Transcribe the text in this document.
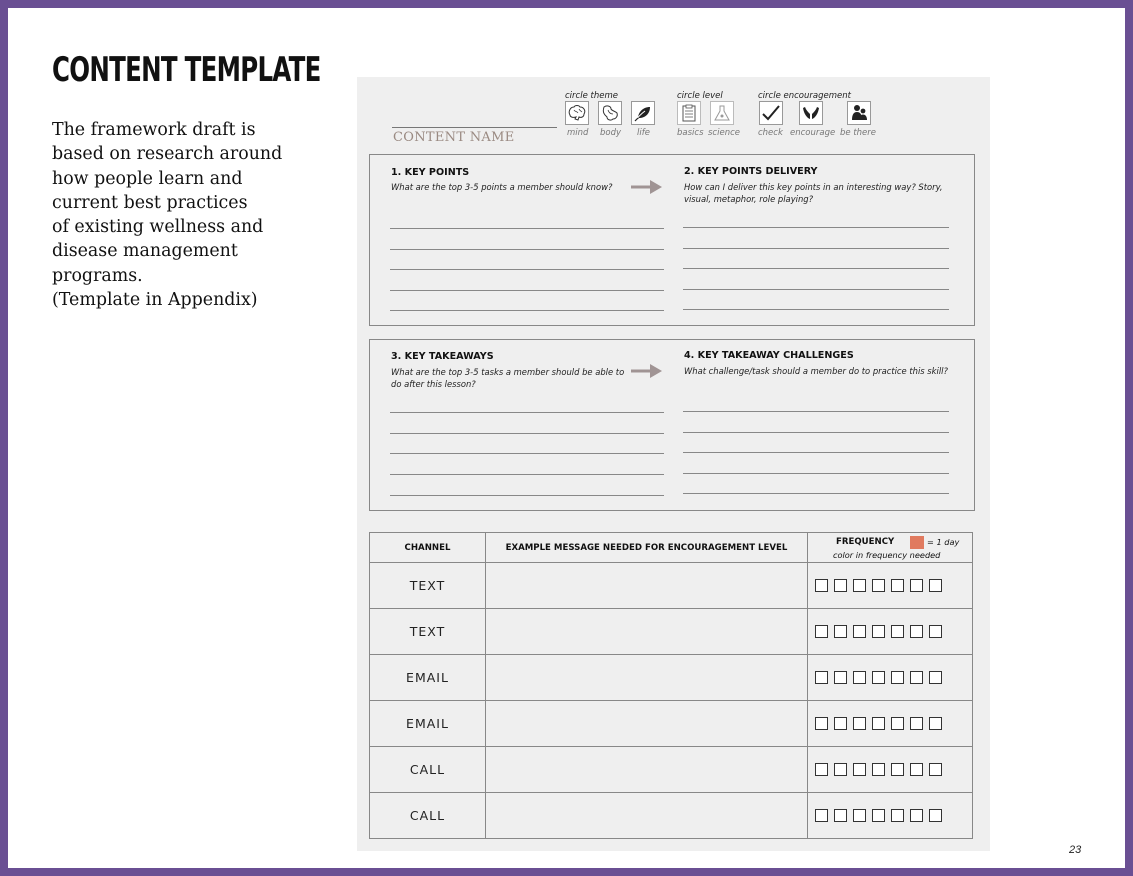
CONTENT TEMPLATE
The framework draft is
based on research around
how people learn and
current best practices
of existing wellness and
disease management
programs.
(Template in Appendix)
CONTENT NAME
circle theme
mind body life
circle level
basics science
circle encouragement
check encourage be there
1. KEY POINTS
What are the top 3-5 points a member should know?
2. KEY POINTS DELIVERY
How can I deliver this key points in an interesting way? Story, visual, metaphor, role playing?
3. KEY TAKEAWAYS
What are the top 3-5 tasks a member should be able to do after this lesson?
4. KEY TAKEAWAY CHALLENGES
What challenge/task should a member do to practice this skill?
CHANNEL	EXAMPLE MESSAGE NEEDED FOR ENCOURAGEMENT LEVEL	FREQUENCY = 1 day
color in frequency needed

TEXT		

TEXT		

EMAIL		

EMAIL		

CALL		

CALL		
23
